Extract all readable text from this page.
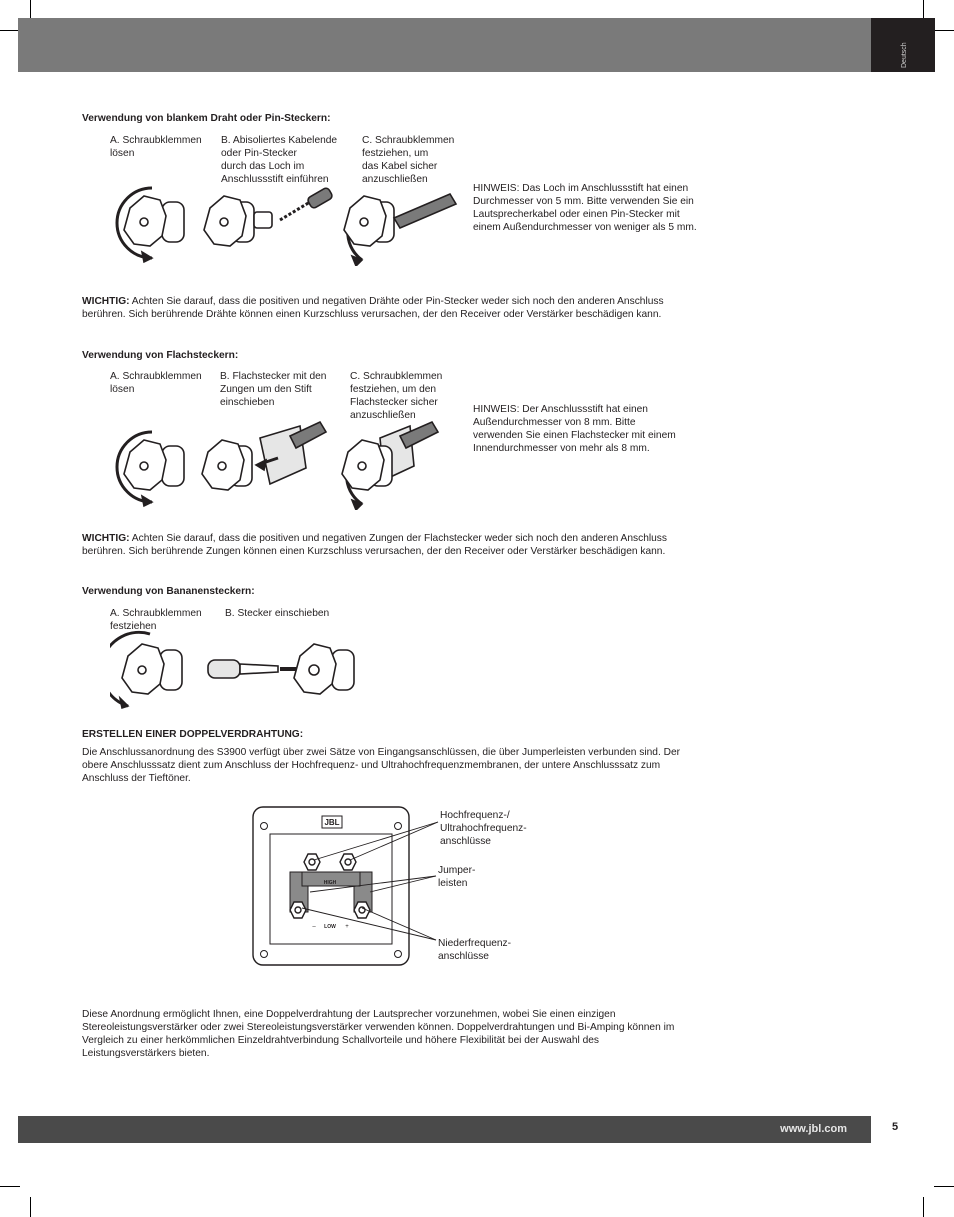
Deutsch
Verwendung von blankem Draht oder Pin-Steckern:
A. Schraubklemmen
lösen
B. Abisoliertes Kabelende
oder Pin-Stecker
durch das Loch im
Anschlussstift einführen
C. Schraubklemmen
festziehen, um
das Kabel sicher
anzuschließen
HINWEIS: Das Loch im Anschlussstift hat einen
Durchmesser von 5 mm. Bitte verwenden Sie ein
Lautsprecherkabel oder einen Pin-Stecker mit
einem Außendurchmesser von weniger als 5 mm.
WICHTIG: Achten Sie darauf, dass die positiven und negativen Drähte oder Pin-Stecker weder sich noch den anderen Anschluss berühren. Sich berührende Drähte können einen Kurzschluss verursachen, der den Receiver oder Verstärker beschädigen kann.
Verwendung von Flachsteckern:
A. Schraubklemmen
lösen
B. Flachstecker mit den
Zungen um den Stift
einschieben
C. Schraubklemmen
festziehen, um den
Flachstecker sicher
anzuschließen
HINWEIS: Der Anschlussstift hat einen
Außendurchmesser von 8 mm. Bitte
verwenden Sie einen Flachstecker mit einem
Innendurchmesser von mehr als 8 mm.
WICHTIG: Achten Sie darauf, dass die positiven und negativen Zungen der Flachstecker weder sich noch den anderen Anschluss berühren. Sich berührende Zungen können einen Kurzschluss verursachen, der den Receiver oder Verstärker beschädigen kann.
Verwendung von Bananensteckern:
A. Schraubklemmen
festziehen
B. Stecker einschieben
ERSTELLEN EINER DOPPELVERDRAHTUNG:
Die Anschlussanordnung des S3900 verfügt über zwei Sätze von Eingangsanschlüssen, die über Jumperleisten verbunden sind. Der obere Anschlusssatz dient zum Anschluss der Hochfrequenz- und Ultrahochfrequenzmembranen, der untere Anschlusssatz zum Anschluss der Tieftöner.
JBL
HIGH
– LOW +
Hochfrequenz-/
Ultrahochfrequenz-
anschlüsse
Jumper-
leisten
Niederfrequenz-
anschlüsse
Diese Anordnung ermöglicht Ihnen, eine Doppelverdrahtung der Lautsprecher vorzunehmen, wobei Sie einen einzigen Stereoleistungsverstärker oder zwei Stereoleistungsverstärker verwenden können. Doppelverdrahtungen und Bi-Amping können im Vergleich zu einer herkömmlichen Einzeldrahtverbindung Schallvorteile und höhere Flexibilität bei der Auswahl des Leistungsverstärkers bieten.
www.jbl.com	5
